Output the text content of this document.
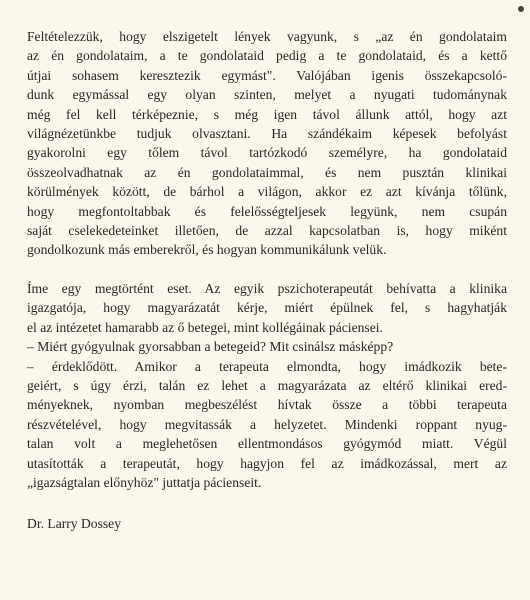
Feltételezzük, hogy elszigetelt lények vagyunk, s „az én gondolataim
az én gondolataim, a te gondolataid pedig a te gondolataid, és a kettő
útjai sohasem keresztezik egymást". Valójában igenis összekapcsoló-
dunk egymással egy olyan szinten, melyet a nyugati tudománynak
még fel kell térképeznie, s még igen távol állunk attól, hogy azt
világnézetünkbe tudjuk olvasztani. Ha szándékaim képesek befolyást
gyakorolni egy tőlem távol tartózkodó személyre, ha gondolataid
összeolvadhatnak az én gondolataimmal, és nem pusztán klinikai
körülmények között, de bárhol a világon, akkor ez azt kívánja tőlünk,
hogy megfontoltabbak és felelősségteljesek legyünk, nem csupán
saját cselekedeteinket illetően, de azzal kapcsolatban is, hogy miként
gondolkozunk más emberekről, és hogyan kommunikálunk velük.

Íme egy megtörtént eset. Az egyik pszichoterapeutát behívatta a klinika
igazgatója, hogy magyarázatát kérje, miért épülnek fel, s hagyhatják
el az intézetet hamarabb az ő betegei, mint kollégáinak páciensei.
– Miért gyógyulnak gyorsabban a betegeid? Mit csinálsz másképp?
– érdeklődött. Amikor a terapeuta elmondta, hogy imádkozik bete-
geiért, s úgy érzi, talán ez lehet a magyarázata az eltérő klinikai ered-
ményeknek, nyomban megbeszélést hívtak össze a többi terapeuta
részvételével, hogy megvitassák a helyzetet. Mindenki roppant nyug-
talan volt a meglehetősen ellentmondásos gyógymód miatt. Végül
utasították a terapeutát, hogy hagyjon fel az imádkozással, mert az
„igazságtalan előnyhöz" juttatja pácienseit.

Dr. Larry Dossey
